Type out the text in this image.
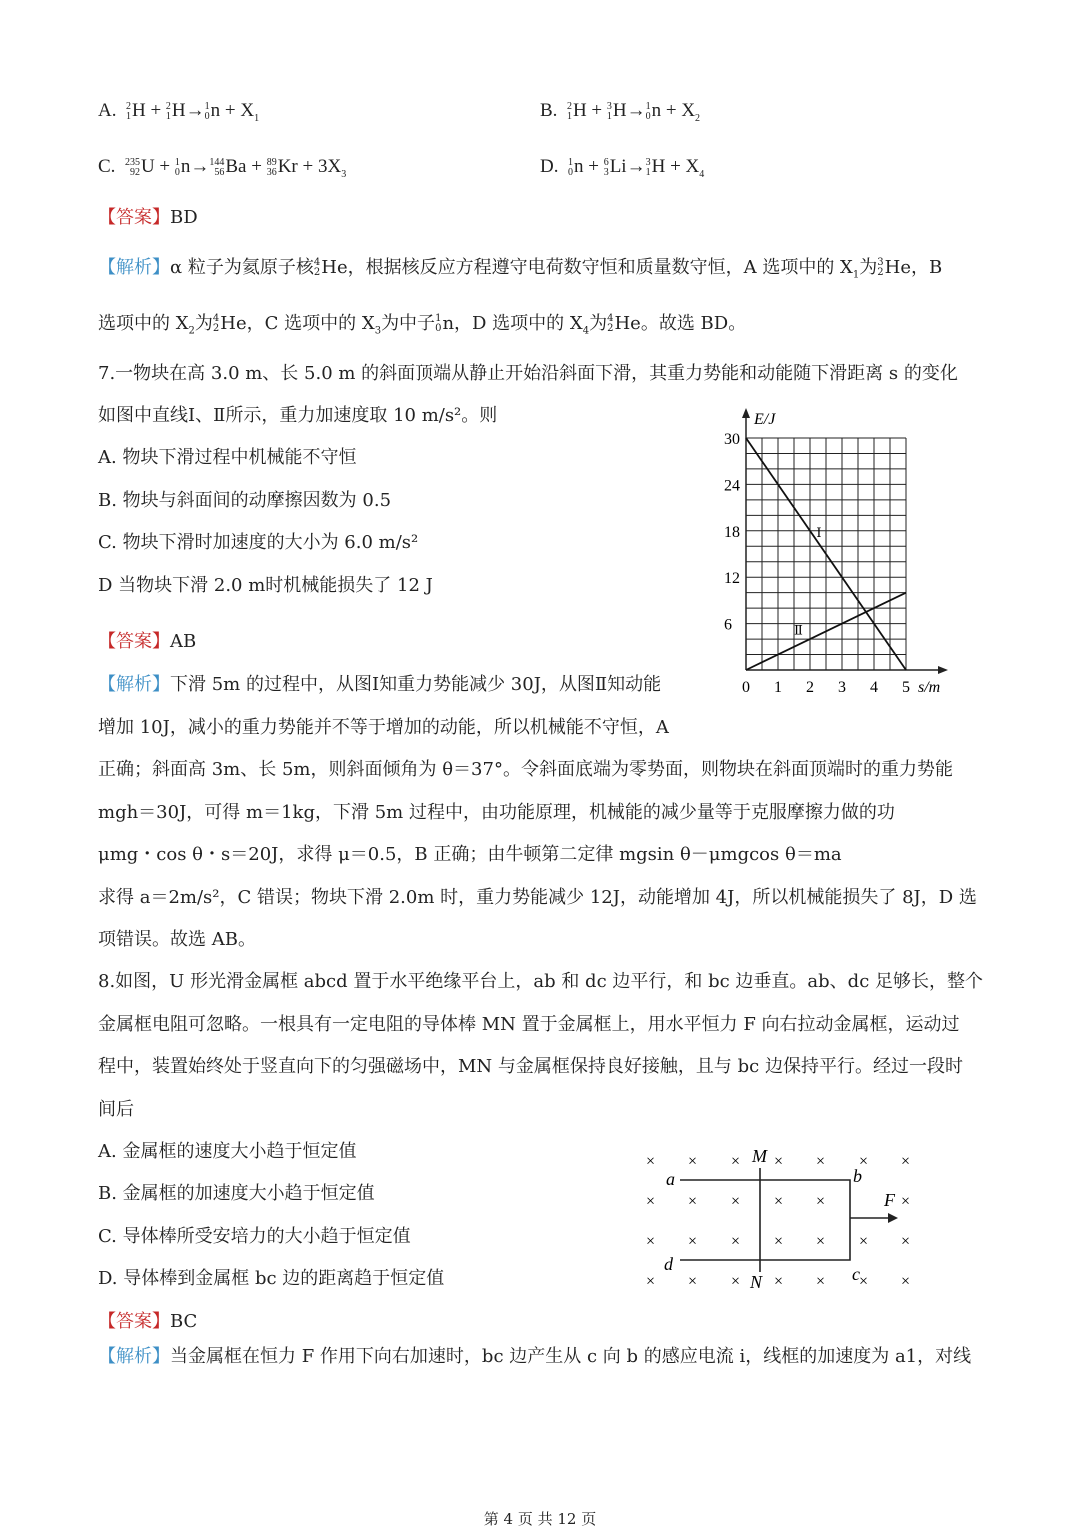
A. 2
1 H + 2
1 H→ 1
0 $n + X_1$	B. 2
1 H + 3
1 H→ 1
0 $n + X_2$
C. 235
92 U + 1
0 n→ 144
56 Ba + 89
36 $Kr + 3X_3$	D. 1
0 n + 6
3 Li→ 3
1 $H + X_4$
【答案】BD
【解析】α 粒子为氦原子核 4
2 He，根据核反应方程遵守电荷数守恒和质量数守恒，A 选项中的 $X_1$为 3
2 He，B
选项中的 $X_2$为 4
2 He，C 选项中的 $X_3$为中子 1
0 n，D 选项中的 $X_4$为 4
2 He。故选 BD。
7.一物块在高 3.0 m、长 5.0 m 的斜面顶端从静止开始沿斜面下滑，其重力势能和动能随下滑距离 s 的变化
如图中直线Ⅰ、Ⅱ所示，重力加速度取 10 m/s²。则
A. 物块下滑过程中机械能不守恒
B. 物块与斜面间的动摩擦因数为 0.5
C. 物块下滑时加速度的大小为 6.0 m/s²
D 当物块下滑 2.0 m时机械能损失了 12 J
【答案】AB
【解析】下滑 5m 的过程中，从图Ⅰ知重力势能减少 30J，从图Ⅱ知动能
增加 10J，减小的重力势能并不等于增加的动能，所以机械能不守恒，A
正确；斜面高 3m、长 5m，则斜面倾角为 θ＝37°。令斜面底端为零势面，则物块在斜面顶端时的重力势能
mgh＝30J，可得 m＝1kg，下滑 5m 过程中，由功能原理，机械能的减少量等于克服摩擦力做的功
μmg・cos θ・s＝20J，求得 μ＝0.5，B 正确；由牛顿第二定律 mgsin θ－μmgcos θ＝ma
求得 a＝2m/s²，C 错误；物块下滑 2.0m 时，重力势能减少 12J，动能增加 4J，所以机械能损失了 8J，D 选
项错误。故选 AB。
0 1 2 3 4 5
6
12
18
24
30
s/m
E/J
Ⅰ
Ⅱ
8.如图，U 形光滑金属框 abcd 置于水平绝缘平台上，ab 和 dc 边平行，和 bc 边垂直。ab、dc 足够长，整个
金属框电阻可忽略。一根具有一定电阻的导体棒 MN 置于金属框上，用水平恒力 F 向右拉动金属框，运动过
程中，装置始终处于竖直向下的匀强磁场中，MN 与金属框保持良好接触，且与 bc 边保持平行。经过一段时
间后
A. 金属框的速度大小趋于恒定值
B. 金属框的加速度大小趋于恒定值
C. 导体棒所受安培力的大小趋于恒定值
D. 导体棒到金属框 bc 边的距离趋于恒定值
【答案】BC
【解析】当金属框在恒力 F 作用下向右加速时，bc 边产生从 c 向 b 的感应电流 i，线框的加速度为 a1，对线
× × × × × × ×
× × × × ×	×
× × × × × × ×
× × × × × × ×
a	b
c
d
M
N
F
第 4 页 共 12 页
